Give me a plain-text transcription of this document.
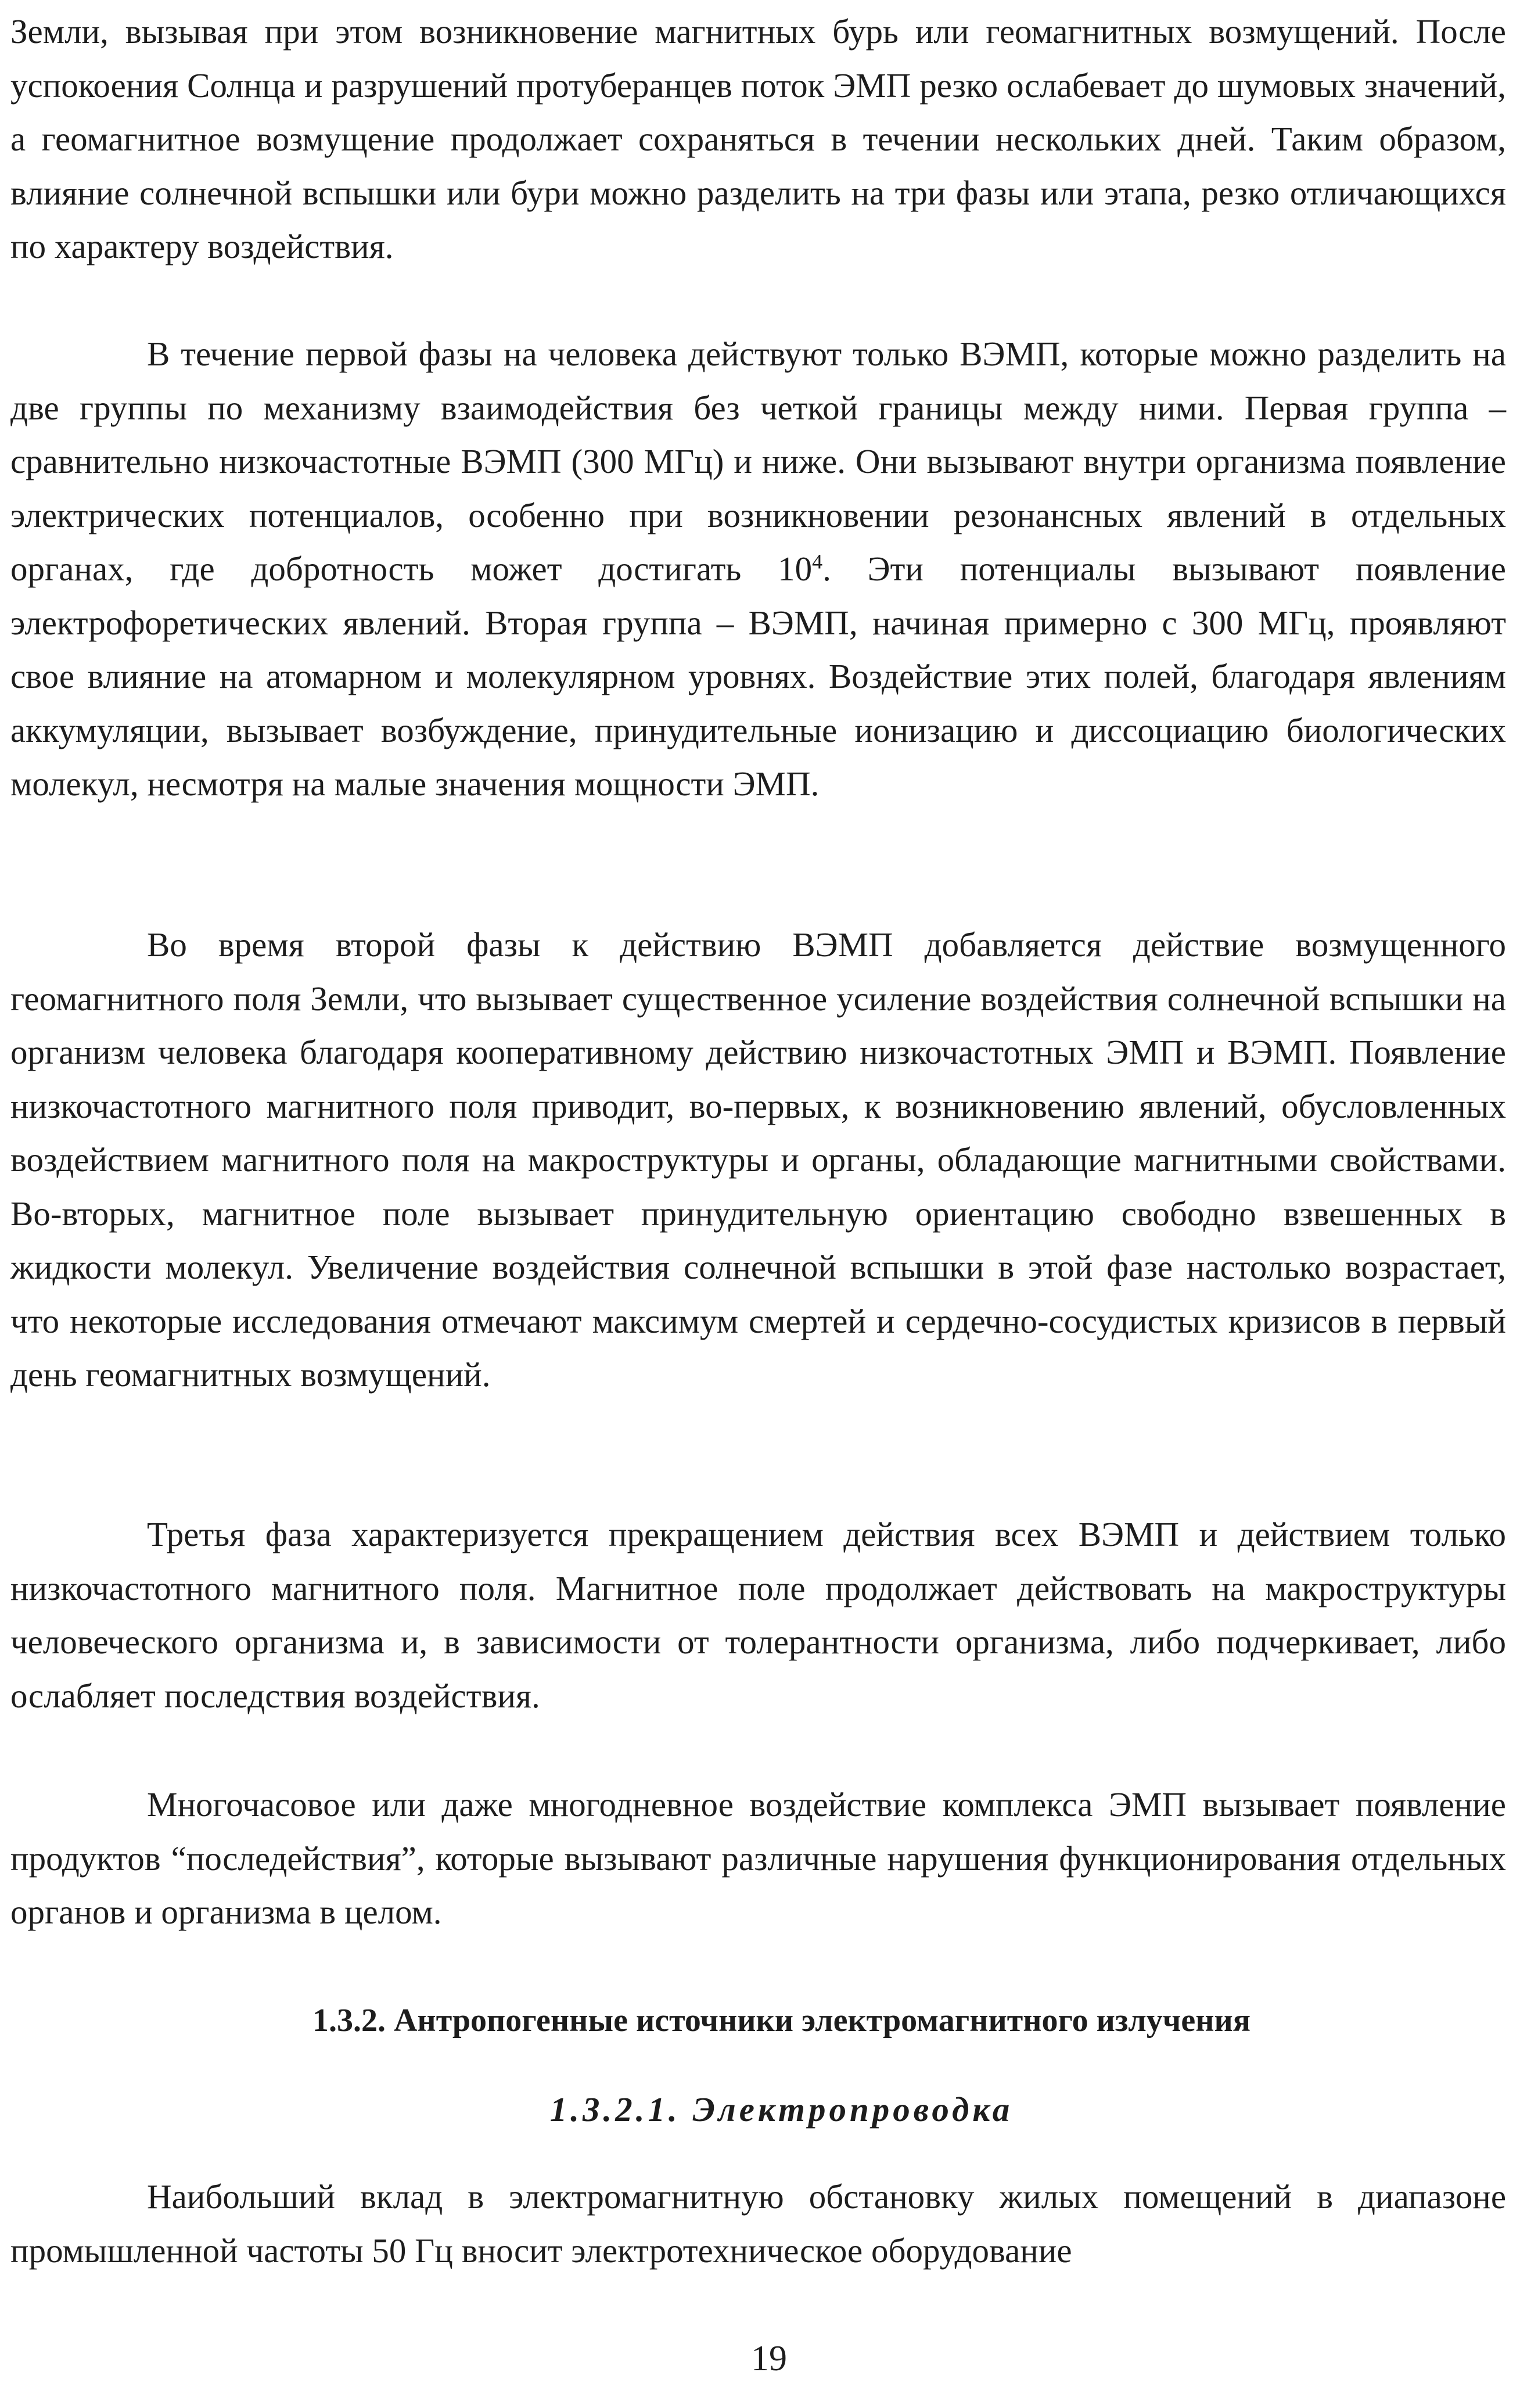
Земли, вызывая при этом возникновение магнитных бурь или геомагнитных возмущений. После успокоения Солнца и разрушений протуберанцев поток ЭМП резко ослабевает до шумовых значений, а геомагнитное возмущение продолжает сохраняться в течении нескольких дней. Таким образом, влияние солнечной вспышки или бури можно разделить на три фазы или этапа, резко отличающихся по характеру воздействия.

В течение первой фазы на человека действуют только ВЭМП, которые можно разделить на две группы по механизму взаимодействия без четкой границы между ними. Первая группа – сравнительно низкочастотные ВЭМП (300 МГц) и ниже. Они вызывают внутри организма появление электрических потенциалов, особенно при возникновении резонансных явлений в отдельных органах, где добротность может достигать $10^4$. Эти потенциалы вызывают появление электрофоретических явлений. Вторая группа – ВЭМП, начиная примерно с 300 МГц, проявляют свое влияние на атомарном и молекулярном уровнях. Воздействие этих полей, благодаря явлениям аккумуляции, вызывает возбуждение, принудительные ионизацию и диссоциацию биологических молекул, несмотря на малые значения мощности ЭМП.

Во время второй фазы к действию ВЭМП добавляется действие возмущенного геомагнитного поля Земли, что вызывает существенное усиление воздействия солнечной вспышки на организм человека благодаря кооперативному действию низкочастотных ЭМП и ВЭМП. Появление низкочастотного магнитного поля приводит, во-первых, к возникновению явлений, обусловленных воздействием магнитного поля на макроструктуры и органы, обладающие магнитными свойствами. Во-вторых, магнитное поле вызывает принудительную ориентацию свободно взвешенных в жидкости молекул. Увеличение воздействия солнечной вспышки в этой фазе настолько возрастает, что некоторые исследования отмечают максимум смертей и сердечно-сосудистых кризисов в первый день геомагнитных возмущений.

Третья фаза характеризуется прекращением действия всех ВЭМП и действием только низкочастотного магнитного поля. Магнитное поле продолжает действовать на макроструктуры человеческого организма и, в зависимости от толерантности организма, либо подчеркивает, либо ослабляет последствия воздействия.

Многочасовое или даже многодневное воздействие комплекса ЭМП вызывает появление продуктов “последействия”, которые вызывают различные нарушения функционирования отдельных органов и организма в целом.

1.3.2. Антропогенные источники электромагнитного излучения
1.3.2.1. Электропроводка

Наибольший вклад в электромагнитную обстановку жилых помещений в диапазоне промышленной частоты 50 Гц вносит электротехническое оборудование

19
